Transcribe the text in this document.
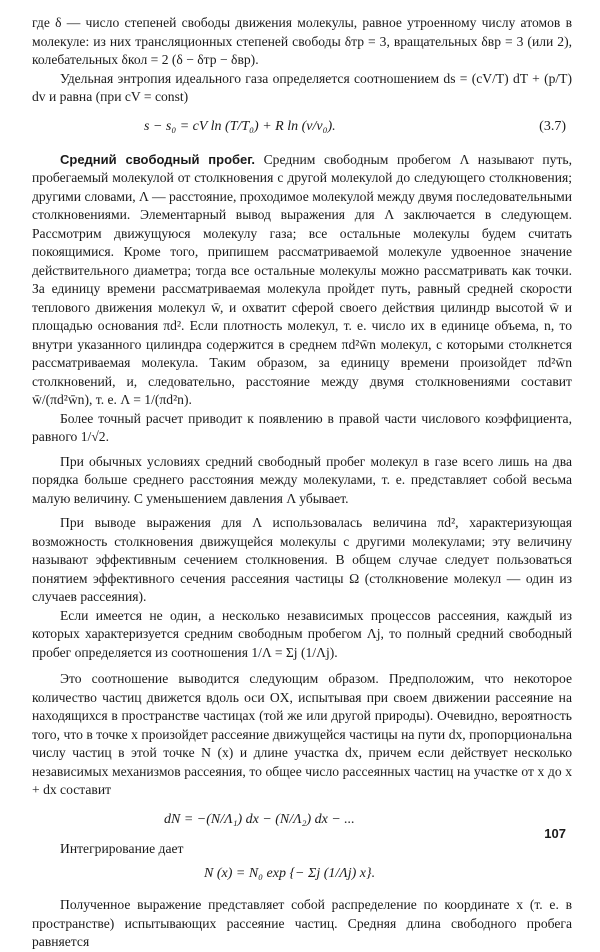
где δ — число степеней свободы движения молекулы, равное утроенному числу атомов в молекуле: из них трансляционных степеней свободы δтр = 3, вращательных δвр = 3 (или 2), колебательных δкол = 2 (δ − δтр − δвр).

Удельная энтропия идеального газа определяется соотношением ds = (cV/T) dT + (p/T) dv и равна (при cV = const)

s − s₀ = cV ln (T/T₀) + R ln (v/v₀).	(3.7)

Средний свободный пробег. Средним свободным пробегом Λ называют путь, пробегаемый молекулой от столкновения с другой молекулой до следующего столкновения; другими словами, Λ — расстояние, проходимое молекулой между двумя последовательными столкновениями. Элементарный вывод выражения для Λ заключается в следующем. Рассмотрим движущуюся молекулу газа; все остальные молекулы будем считать покоящимися. Кроме того, припишем рассматриваемой молекуле удвоенное значение действительного диаметра; тогда все остальные молекулы можно рассматривать как точки. За единицу времени рассматриваемая молекула пройдет путь, равный средней скорости теплового движения молекул w̄, и охватит сферой своего действия цилиндр высотой w̄ и площадью основания πd². Если плотность молекул, т. е. число их в единице объема, n, то внутри указанного цилиндра содержится в среднем πd²w̄n молекул, с которыми столкнется рассматриваемая молекула. Таким образом, за единицу времени произойдет πd²w̄n столкновений, и, следовательно, расстояние между двумя столкновениями составит w̄/(πd²w̄n), т. е. Λ = 1/(πd²n).

Более точный расчет приводит к появлению в правой части числового коэффициента, равного 1/√2.

При обычных условиях средний свободный пробег молекул в газе всего лишь на два порядка больше среднего расстояния между молекулами, т. е. представляет собой весьма малую величину. С уменьшением давления Λ убывает.

При выводе выражения для Λ использовалась величина πd², характеризующая возможность столкновения движущейся молекулы с другими молекулами; эту величину называют эффективным сечением столкновения. В общем случае следует пользоваться понятием эффективного сечения рассеяния частицы Ω (столкновение молекул — один из случаев рассеяния).

Если имеется не один, а несколько независимых процессов рассеяния, каждый из которых характеризуется средним свободным пробегом Λj, то полный средний свободный пробег определяется из соотношения 1/Λ = Σj (1/Λj).

Это соотношение выводится следующим образом. Предположим, что некоторое количество частиц движется вдоль оси OX, испытывая при своем движении рассеяние на находящихся в пространстве частицах (той же или другой природы). Очевидно, вероятность того, что в точке x произойдет рассеяние движущейся частицы на пути dx, пропорциональна числу частиц в этой точке N (x) и длине участка dx, причем если действует несколько независимых механизмов рассеяния, то общее число рассеянных частиц на участке от x до x + dx составит

dN = −(N/Λ₁) dx − (N/Λ₂) dx − ...

Интегрирование дает

N (x) = N₀ exp {− Σj (1/Λj) x}.

Полученное выражение представляет собой распределение по координате x (т. е. в пространстве) испытывающих рассеяние частиц. Средняя длина свободного пробега равняется

107
